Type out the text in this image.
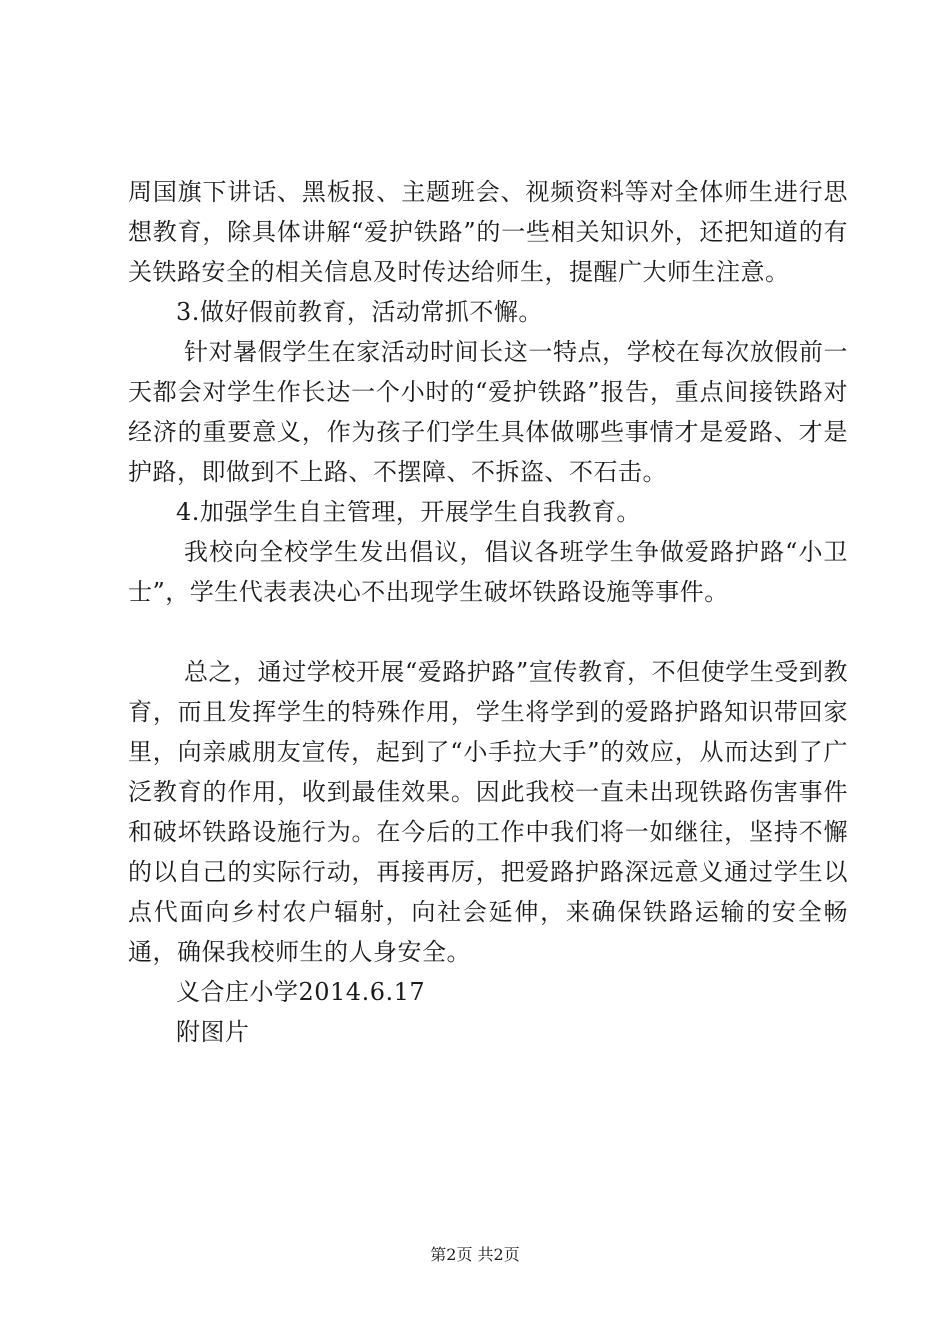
周国旗下讲话、黑板报、主题班会、视频资料等对全体师生进行思想教育，除具体讲解“爱护铁路”的一些相关知识外，还把知道的有关铁路安全的相关信息及时传达给师生，提醒广大师生注意。

3.做好假前教育，活动常抓不懈。

针对暑假学生在家活动时间长这一特点，学校在每次放假前一天都会对学生作长达一个小时的“爱护铁路”报告，重点间接铁路对经济的重要意义，作为孩子们学生具体做哪些事情才是爱路、才是护路，即做到不上路、不摆障、不拆盗、不石击。

4.加强学生自主管理，开展学生自我教育。

我校向全校学生发出倡议，倡议各班学生争做爱路护路“小卫士”，学生代表表决心不出现学生破坏铁路设施等事件。

总之，通过学校开展“爱路护路”宣传教育，不但使学生受到教育，而且发挥学生的特殊作用，学生将学到的爱路护路知识带回家里，向亲戚朋友宣传，起到了“小手拉大手”的效应，从而达到了广泛教育的作用，收到最佳效果。因此我校一直未出现铁路伤害事件和破坏铁路设施行为。在今后的工作中我们将一如继往，坚持不懈的以自己的实际行动，再接再厉，把爱路护路深远意义通过学生以点代面向乡村农户辐射，向社会延伸，来确保铁路运输的安全畅通，确保我校师生的人身安全。

义合庄小学2014.6.17

附图片

第2页 共2页
